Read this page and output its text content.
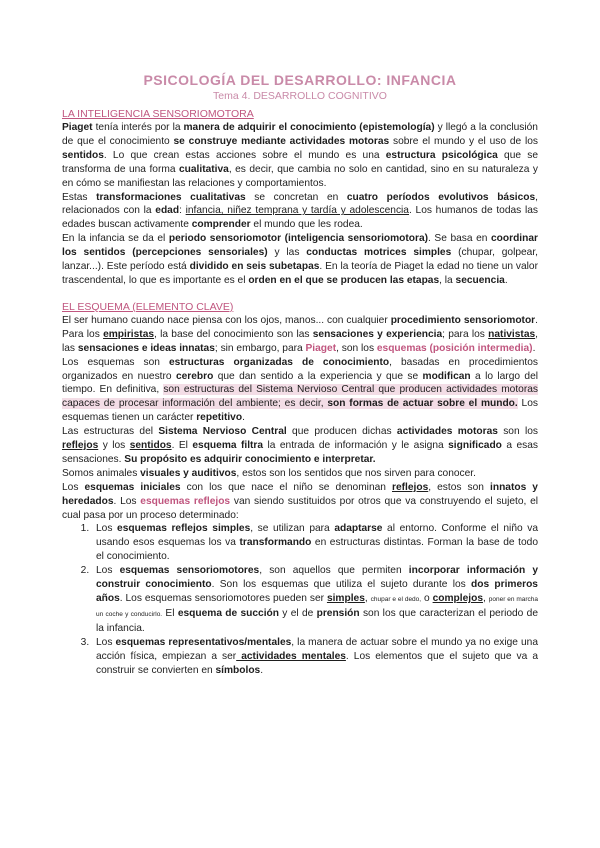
PSICOLOGÍA DEL DESARROLLO: INFANCIA
Tema 4. DESARROLLO COGNITIVO
LA INTELIGENCIA SENSORIOMOTORA

Piaget tenía interés por la manera de adquirir el conocimiento (epistemología) y llegó a la conclusión de que el conocimiento se construye mediante actividades motoras sobre el mundo y el uso de los sentidos. Lo que crean estas acciones sobre el mundo es una estructura psicológica que se transforma de una forma cualitativa, es decir, que cambia no solo en cantidad, sino en su naturaleza y en cómo se manifiestan las relaciones y comportamientos.

Estas transformaciones cualitativas se concretan en cuatro períodos evolutivos básicos, relacionados con la edad: infancia, niñez temprana y tardía y adolescencia. Los humanos de todas las edades buscan activamente comprender el mundo que les rodea.

En la infancia se da el periodo sensoriomotor (inteligencia sensoriomotora). Se basa en coordinar los sentidos (percepciones sensoriales) y las conductas motrices simples (chupar, golpear, lanzar...). Este período está dividido en seis subetapas. En la teoría de Piaget la edad no tiene un valor trascendental, lo que es importante es el orden en el que se producen las etapas, la secuencia.

EL ESQUEMA (ELEMENTO CLAVE)

El ser humano cuando nace piensa con los ojos, manos... con cualquier procedimiento sensoriomotor. Para los empiristas, la base del conocimiento son las sensaciones y experiencia; para los nativistas, las sensaciones e ideas innatas; sin embargo, para Piaget, son los esquemas (posición intermedia).

Los esquemas son estructuras organizadas de conocimiento, basadas en procedimientos organizados en nuestro cerebro que dan sentido a la experiencia y que se modifican a lo largo del tiempo. En definitiva, son estructuras del Sistema Nervioso Central que producen actividades motoras capaces de procesar información del ambiente; es decir, son formas de actuar sobre el mundo. Los esquemas tienen un carácter repetitivo.

Las estructuras del Sistema Nervioso Central que producen dichas actividades motoras son los reflejos y los sentidos. El esquema filtra la entrada de información y le asigna significado a esas sensaciones. Su propósito es adquirir conocimiento e interpretar.

Somos animales visuales y auditivos, estos son los sentidos que nos sirven para conocer.

Los esquemas iniciales con los que nace el niño se denominan reflejos, estos son innatos y heredados. Los esquemas reflejos van siendo sustituidos por otros que va construyendo el sujeto, el cual pasa por un proceso determinado:

1. Los esquemas reflejos simples, se utilizan para adaptarse al entorno. Conforme el niño va usando esos esquemas los va transformando en estructuras distintas. Forman la base de todo el conocimiento.
2. Los esquemas sensoriomotores, son aquellos que permiten incorporar información y construir conocimiento. Son los esquemas que utiliza el sujeto durante los dos primeros años. Los esquemas sensoriomotores pueden ser simples, chupar e el dedo, o complejos, poner en marcha un coche y conducirlo. El esquema de succión y el de prensión son los que caracterizan el periodo de la infancia.
3. Los esquemas representativos/mentales, la manera de actuar sobre el mundo ya no exige una acción física, empiezan a ser actividades mentales. Los elementos que el sujeto que va a construir se convierten en símbolos.
